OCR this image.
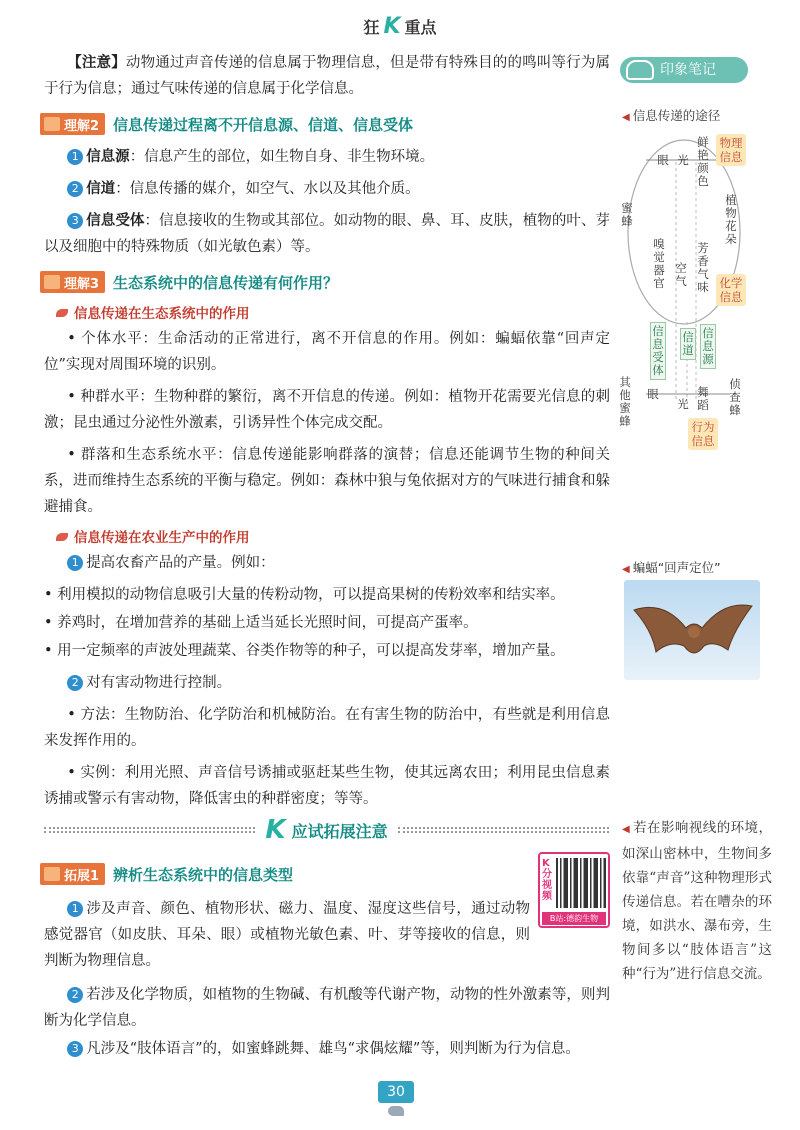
狂 K 重点

【注意】动物通过声音传递的信息属于物理信息，但是带有特殊目的的鸣叫等行为属于行为信息；通过气味传递的信息属于化学信息。

理解2 信息传递过程离不开信息源、信道、信息受体

1 信息源：信息产生的部位，如生物自身、非生物环境。

2 信道：信息传播的媒介，如空气、水以及其他介质。

3 信息受体：信息接收的生物或其部位。如动物的眼、鼻、耳、皮肤，植物的叶、芽以及细胞中的特殊物质（如光敏色素）等。

理解3 生态系统中的信息传递有何作用？
信息传递在生态系统中的作用

• 个体水平：生命活动的正常进行，离不开信息的作用。例如：蝙蝠依靠“回声定位”实现对周围环境的识别。

• 种群水平：生物种群的繁衍，离不开信息的传递。例如：植物开花需要光信息的刺激；昆虫通过分泌性外激素，引诱异性个体完成交配。

• 群落和生态系统水平：信息传递能影响群落的演替；信息还能调节生物的种间关系，进而维持生态系统的平衡与稳定。例如：森林中狼与兔依据对方的气味进行捕食和躲避捕食。

信息传递在农业生产中的作用

1 提高农畜产品的产量。例如：

• 利用模拟的动物信息吸引大量的传粉动物，可以提高果树的传粉效率和结实率。

• 养鸡时，在增加营养的基础上适当延长光照时间，可提高产蛋率。

• 用一定频率的声波处理蔬菜、谷类作物等的种子，可以提高发芽率，增加产量。

2 对有害动物进行控制。

• 方法：生物防治、化学防治和机械防治。在有害生物的防治中，有些就是利用信息来发挥作用的。

• 实例：利用光照、声音信号诱捕或驱赶某些生物，使其远离农田；利用昆虫信息素诱捕或警示有害动物，降低害虫的种群密度；等等。

K 应试拓展注意
拓展1 辨析生态系统中的信息类型

1 涉及声音、颜色、植物形状、磁力、温度、湿度这些信号，通过动物感觉器官（如皮肤、耳朵、眼）或植物光敏色素、叶、芽等接收的信息，则判断为物理信息。

2 若涉及化学物质，如植物的生物碱、有机酸等代谢产物，动物的性外激素等，则判断为化学信息。

3 凡涉及“肢体语言”的，如蜜蜂跳舞、雄鸟“求偶炫耀”等，则判断为行为信息。

K分视频
B站:德韵生物
印象笔记
◀ 信息传递的途径
眼 光
鲜艳颜色
物理信息
蜜蜂
植物花朵
嗅觉器官
空气
芳香气味 化学信息
信息受体
信道
信息源
其他蜜蜂
眼
光
舞蹈
侦查蜂
行为信息
◀ 蝙蝠“回声定位”
◀ 若在影响视线的环境，如深山密林中，生物间多依靠“声音”这种物理形式传递信息。若在嘈杂的环境，如洪水、瀑布旁，生物间多以“肢体语言”这种“行为”进行信息交流。
30
